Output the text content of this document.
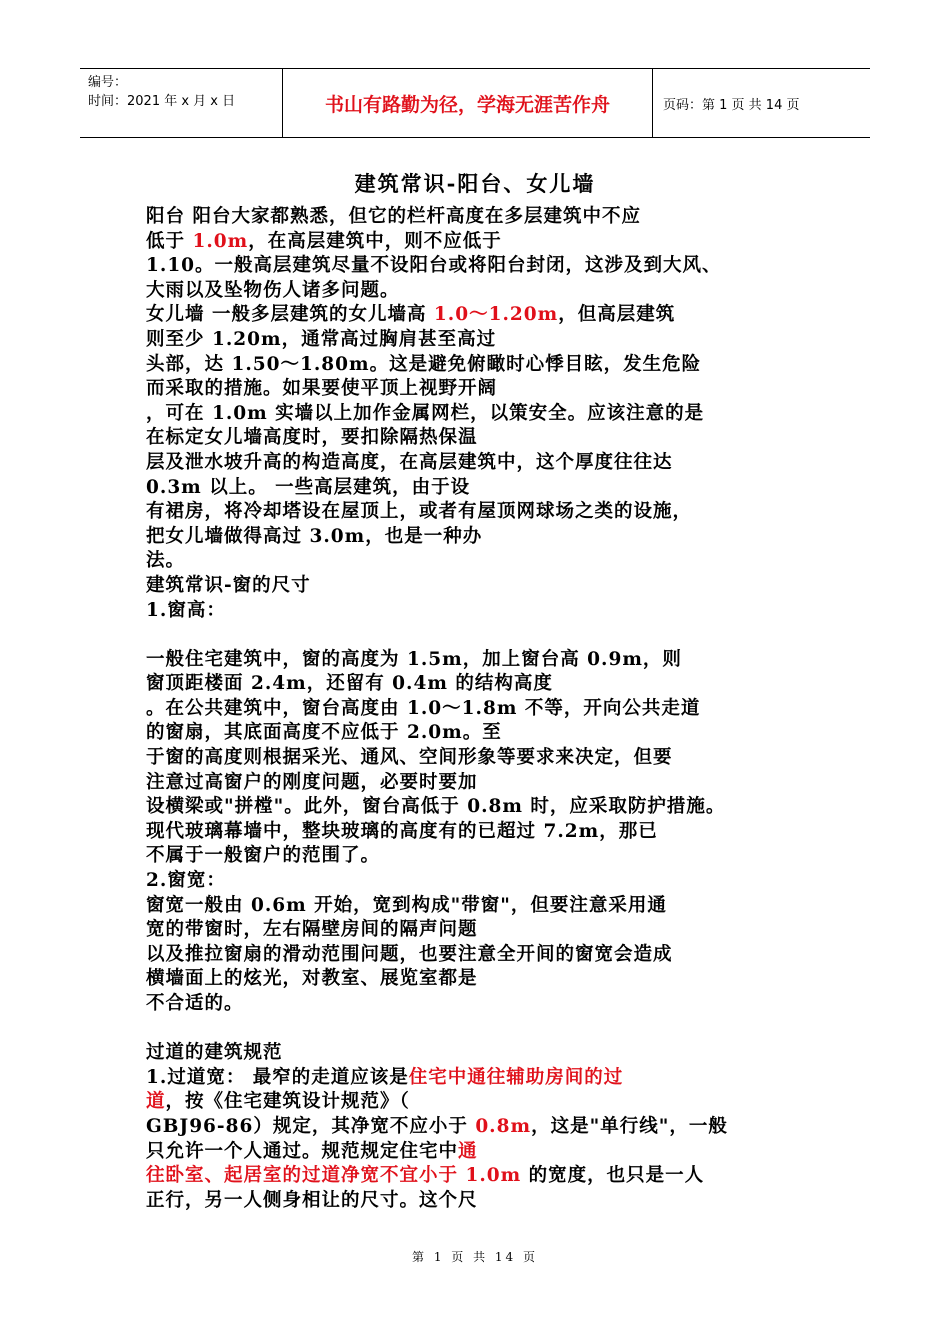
编号：
时间：2021 年 x 月 x 日	书山有路勤为径，学海无涯苦作舟	页码：第 1 页 共 14 页
建筑常识-阳台、女儿墙
阳台 阳台大家都熟悉，但它的栏杆高度在多层建筑中不应
低于 1.0m，在高层建筑中，则不应低于
1.10。一般高层建筑尽量不设阳台或将阳台封闭，这涉及到大风、
大雨以及坠物伤人诸多问题。
女儿墙 一般多层建筑的女儿墙高 1.0～1.20m，但高层建筑
则至少 1.20m，通常高过胸肩甚至高过
头部，达 1.50～1.80m。这是避免俯瞰时心悸目眩，发生危险
而采取的措施。如果要使平顶上视野开阔
，可在 1.0m 实墙以上加作金属网栏，以策安全。应该注意的是
在标定女儿墙高度时，要扣除隔热保温
层及泄水坡升高的构造高度，在高层建筑中，这个厚度往往达
0.3m 以上。 一些高层建筑，由于设
有裙房，将冷却塔设在屋顶上，或者有屋顶网球场之类的设施，
把女儿墙做得高过 3.0m，也是一种办
法。
建筑常识-窗的尺寸
1.窗高：
一般住宅建筑中，窗的高度为 1.5m，加上窗台高 0.9m，则
窗顶距楼面 2.4m，还留有 0.4m 的结构高度
。在公共建筑中，窗台高度由 1.0～1.8m 不等，开向公共走道
的窗扇，其底面高度不应低于 2.0m。至
于窗的高度则根据采光、通风、空间形象等要求来决定，但要
注意过高窗户的刚度问题，必要时要加
设横梁或"拼樘"。此外，窗台高低于 0.8m 时，应采取防护措施。
现代玻璃幕墙中，整块玻璃的高度有的已超过 7.2m，那已
不属于一般窗户的范围了。
2.窗宽：
窗宽一般由 0.6m 开始，宽到构成"带窗"，但要注意采用通
宽的带窗时，左右隔壁房间的隔声问题
以及推拉窗扇的滑动范围问题，也要注意全开间的窗宽会造成
横墙面上的炫光，对教室、展览室都是
不合适的。
过道的建筑规范
1.过道宽： 最窄的走道应该是住宅中通往辅助房间的过
道，按《住宅建筑设计规范》（
GBJ96-86）规定，其净宽不应小于 0.8m，这是"单行线"，一般
只允许一个人通过。规范规定住宅中通
往卧室、起居室的过道净宽不宜小于 1.0m 的宽度，也只是一人
正行，另一人侧身相让的尺寸。这个尺
第 1 页 共 14 页
